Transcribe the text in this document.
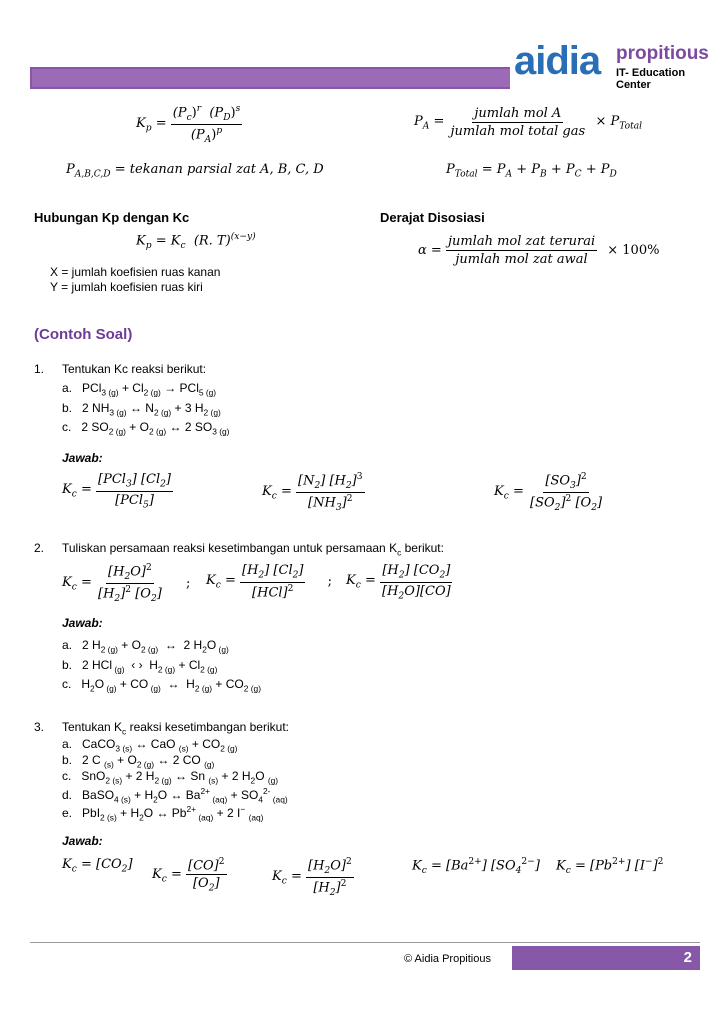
aidia propitious
IT- Education Center
$K_p = \frac{(P_c)^r (P_D)^s}{(P_A)^p}$	$P_A = \frac{\text{jumlah mol A}}{\text{jumlah mol total gas}} \times P_{Total}$
$P_{A,B,C,D}$ = tekanan parsial zat A, B, C, D	$P_{Total} = P_A + P_B + P_C + P_D$
Hubungan Kp dengan Kc
$K_p = K_c$ (R. T)$^{(x-y)}$
X = jumlah koefisien ruas kanan
Y = jumlah koefisien ruas kiri
Derajat Disosiasi
$\alpha = \frac{\text{jumlah mol zat terurai}}{\text{jumlah mol zat awal}} \times 100\%$
(Contoh Soal)
1. Tentukan Kc reaksi berikut:
a. $PCl_{3 (g)} + Cl_{2 (g)} \to PCl_{5 (g)}$
b. 2 $NH_{3 (g)}$ ↔ $N_{2 (g)} + 3$ $H_{2 (g)}$
c. 2 $SO_{2 (g)} + O_{2 (g)}$ ↔ 2 $SO_{3 (g)}$
Jawab:
$K_c = \frac{[PCl_3] [Cl_2]}{[PCl_5]}$	$K_c = \frac{[N_2] [H_2]^3}{[NH_3]^2}$	$K_c = \frac{[SO_3]^2}{[SO_2]^2 [O_2]}$
2. Tuliskan persamaan reaksi kesetimbangan untuk persamaan $K_c$ berikut:
$K_c = \frac{[H_2O]^2}{[H_2]^2 [O_2]}$ ; $K_c = \frac{[H_2] [Cl_2]}{[HCl]^2}$ ; $K_c = \frac{[H_2] [CO_2]}{[H_2O][CO]}$
Jawab:
a.   2 $H_{2 (g)} + O_{2 (g)}$  ↔  2 $H_2O$ $_{(g)}$
b.   2 HCl $_{(g)}$  ‹ ›  $H_{2 (g)} + Cl_{2 (g)}$
c.   $H_2O$ $_{(g)}$ + CO $_{(g)}$  ↔  $H_{2 (g)} + CO_{2 (g)}$
3. Tentukan $K_c$ reaksi kesetimbangan berikut:
a.   CaCO$_{3 (s)}$ ↔ CaO $_{(s)} + CO_{2 (g)}$
b.   2 C $_{(s)} + O_{2 (g)}$ ↔ 2 CO $_{(g)}$
c.   SnO$_{2 (s)}$ + 2 $H_{2 (g)}$ ↔ Sn $_{(s)}$ + 2 $H_2O$ $_{(g)}$
d.   BaSO$_{4 (s)}$ + $H_2O$ ↔ $Ba^{2+}$ $_{(aq)} + SO_4^{2-}$ $_{(aq)}$
e.   $PbI_{2 (s)} + H_2O$ ↔ $Pb^{2+}$ $_{(aq)}$ + 2 I− $_{(aq)}$
Jawab:
$K_c = [CO_2]$
$K_c = \frac{[CO]^2}{[O_2]}$	$K_c = \frac{[H_2O]^2}{[H_2]^2}$	$K_c = [Ba^{2+}]$ $[SO_4^{2-}] K_c = [Pb^{2+}]$ $[I^-]^2$
© Aidia Propitious	2
